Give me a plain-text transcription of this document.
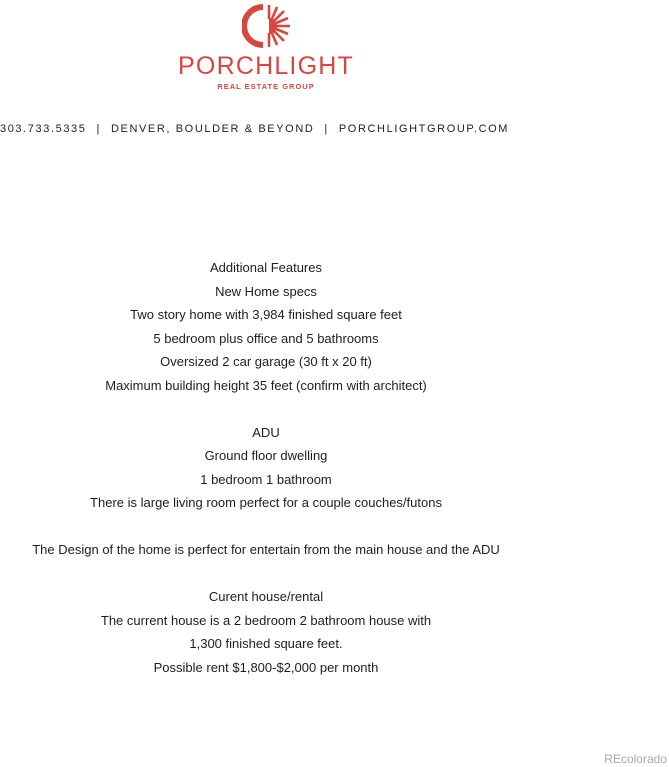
PORCHLIGHT
REAL ESTATE GROUP
303.733.5335 | DENVER, BOULDER & BEYOND | PORCHLIGHTGROUP.COM
Additional Features
New Home specs
Two story home with 3,984 finished square feet
5 bedroom plus office and 5 bathrooms
Oversized 2 car garage (30 ft x 20 ft)
Maximum building height 35 feet (confirm with architect)
ADU
Ground floor dwelling
1 bedroom 1 bathroom
There is large living room perfect for a couple couches/futons
The Design of the home is perfect for entertain from the main house and the ADU
Curent house/rental
The current house is a 2 bedroom 2 bathroom house with
1,300 finished square feet.
Possible rent $1,800-$2,000 per month
REcolorado
